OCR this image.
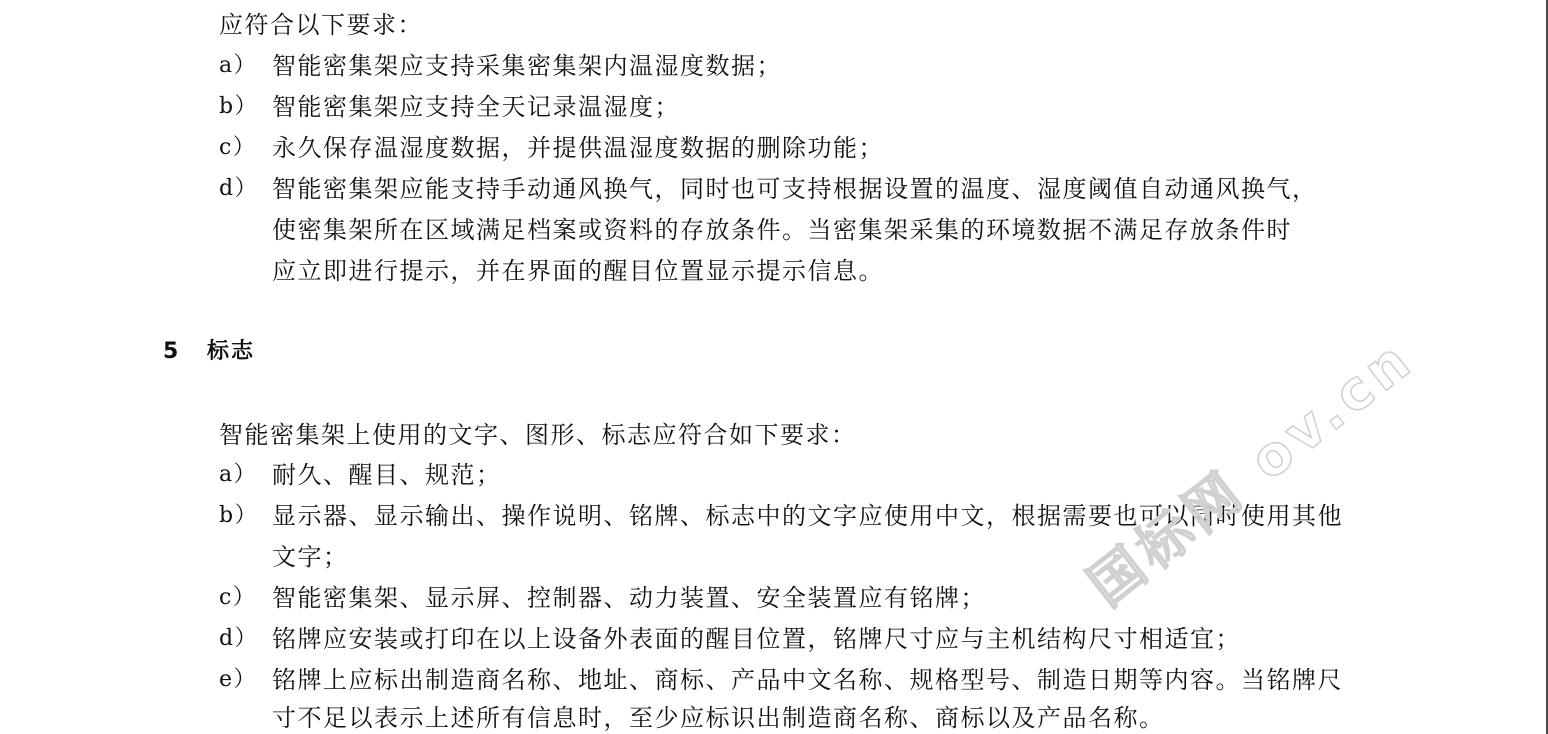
应符合以下要求：
a） 智能密集架应支持采集密集架内温湿度数据；
b） 智能密集架应支持全天记录温湿度；
c） 永久保存温湿度数据，并提供温湿度数据的删除功能；
d） 智能密集架应能支持手动通风换气，同时也可支持根据设置的温度、湿度阈值自动通风换气，
使密集架所在区域满足档案或资料的存放条件。当密集架采集的环境数据不满足存放条件时
应立即进行提示，并在界面的醒目位置显示提示信息。
5 标志
智能密集架上使用的文字、图形、标志应符合如下要求：
a） 耐久、醒目、规范；
b） 显示器、显示输出、操作说明、铭牌、标志中的文字应使用中文，根据需要也可以同时使用其他
文字；
c） 智能密集架、显示屏、控制器、动力装置、安全装置应有铭牌；
d） 铭牌应安装或打印在以上设备外表面的醒目位置，铭牌尺寸应与主机结构尺寸相适宜；
e） 铭牌上应标出制造商名称、地址、商标、产品中文名称、规格型号、制造日期等内容。当铭牌尺
寸不足以表示上述所有信息时，至少应标识出制造商名称、商标以及产品名称。
国标网 ov.cn
